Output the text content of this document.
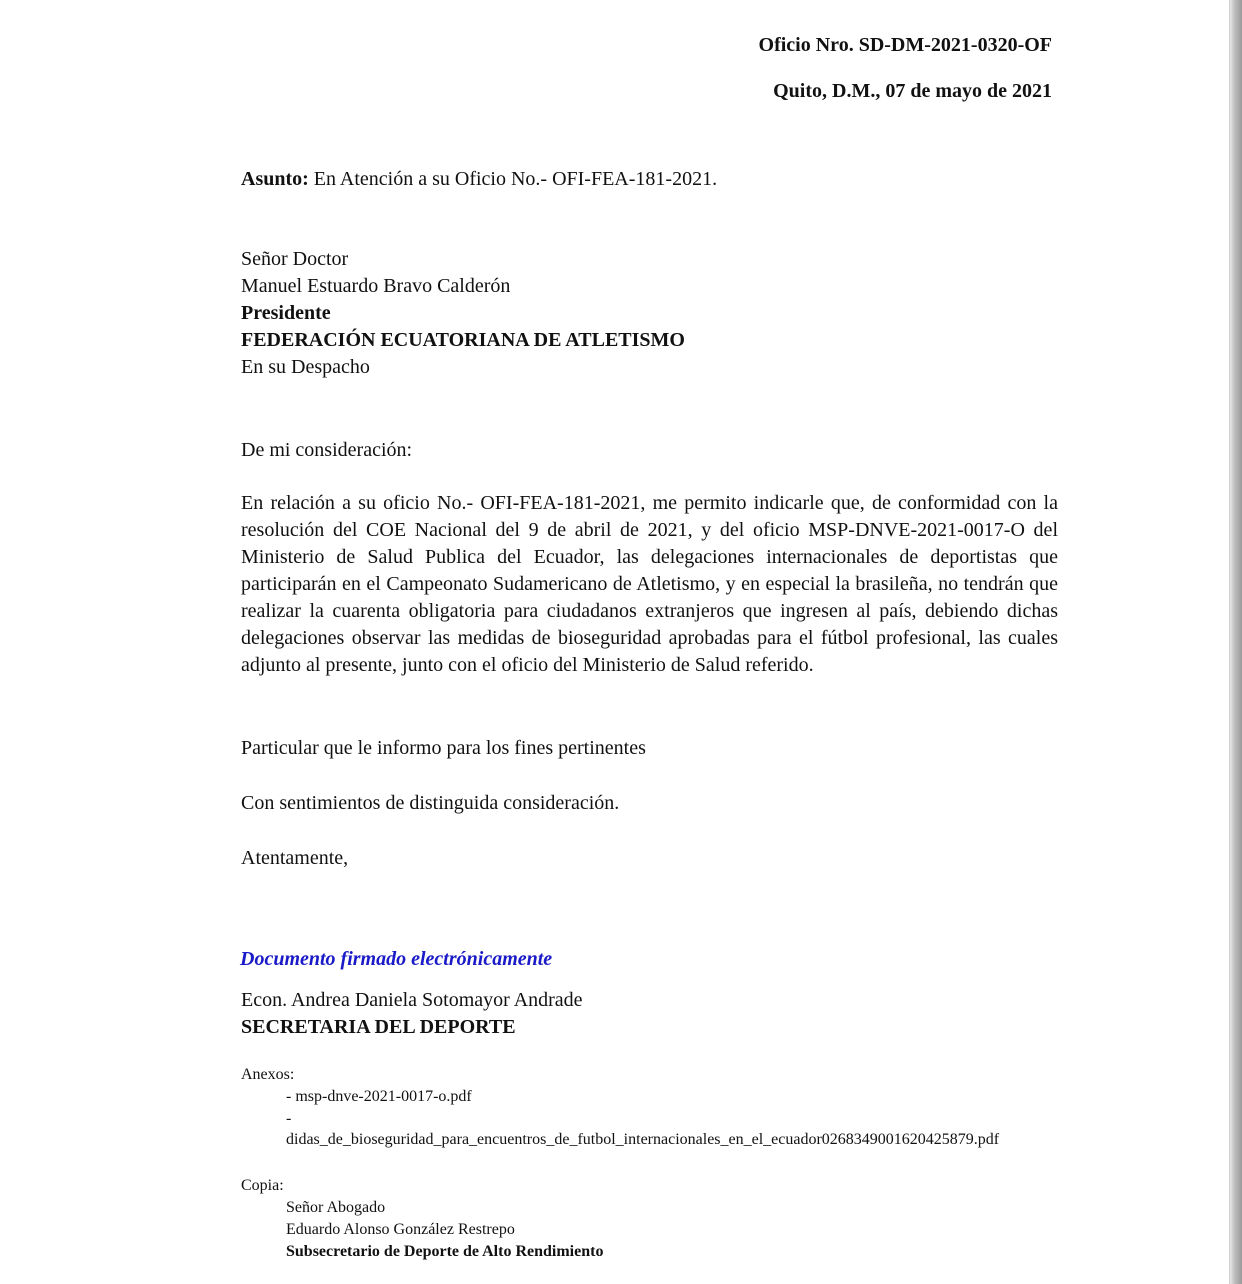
Oficio Nro. SD-DM-2021-0320-OF
Quito, D.M., 07 de mayo de 2021
Asunto: En Atención a su Oficio No.- OFI-FEA-181-2021.
Señor Doctor
Manuel Estuardo Bravo Calderón
Presidente
FEDERACIÓN ECUATORIANA DE ATLETISMO
En su Despacho
De mi consideración:
En relación a su oficio No.- OFI-FEA-181-2021, me permito indicarle que, de conformidad con la resolución del COE Nacional del 9 de abril de 2021, y del oficio MSP-DNVE-2021-0017-O del Ministerio de Salud Publica del Ecuador, las delegaciones internacionales de deportistas que participarán en el Campeonato Sudamericano de Atletismo, y en especial la brasileña, no tendrán que realizar la cuarenta obligatoria para ciudadanos extranjeros que ingresen al país, debiendo dichas delegaciones observar las medidas de bioseguridad aprobadas para el fútbol profesional, las cuales adjunto al presente, junto con el oficio del Ministerio de Salud referido.
Particular que le informo para los fines pertinentes
Con sentimientos de distinguida consideración.
Atentamente,
Documento firmado electrónicamente
Econ. Andrea Daniela Sotomayor Andrade
SECRETARIA DEL DEPORTE
Anexos:
- msp-dnve-2021-0017-o.pdf
-
didas_de_bioseguridad_para_encuentros_de_futbol_internacionales_en_el_ecuador0268349001620425879.pdf
Copia:
Señor Abogado
Eduardo Alonso González Restrepo
Subsecretario de Deporte de Alto Rendimiento
